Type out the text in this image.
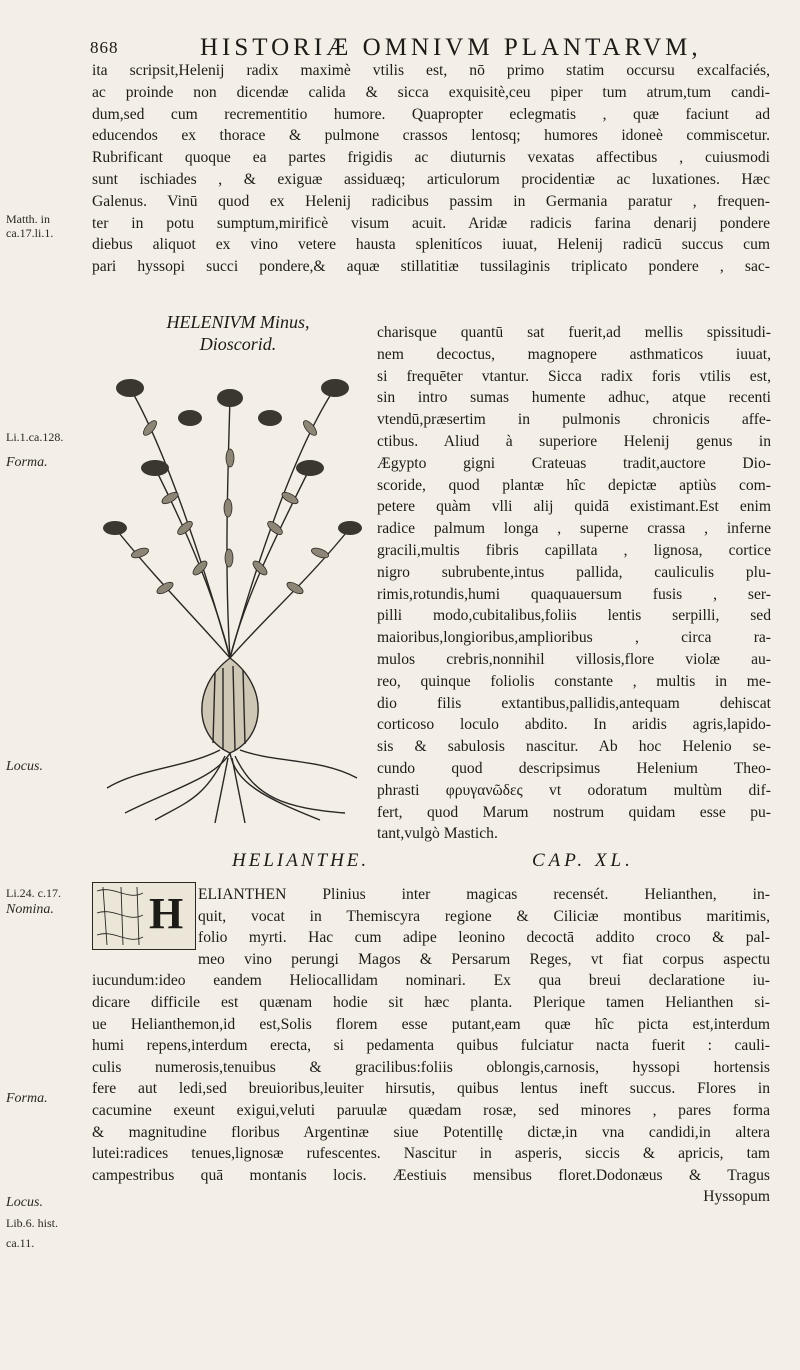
868	HISTORIÆ OMNIVM PLANTARVM,
Matth. in
ca.17.li.1.
Li.1.ca.128.
Forma.
Locus.
Li.24. c.17.
Nomina.
Forma.
Locus.
Lib.6. hist.
ca.11.
ita scripsit,Helenij radix maximè vtilis est, nō primo statim occursu excalfaciés,
ac proinde non dicendæ calida & sicca exquisitè,ceu piper tum atrum,tum candi-
dum,sed cum recrementitio humore. Quapropter eclegmatis , quæ faciunt ad
educendos ex thorace & pulmone crassos lentosq; humores idoneè commiscetur.
Rubrificant quoque ea partes frigidis ac diuturnis vexatas affectibus , cuiusmodi
sunt ischiades , & exiguæ assiduæq; articulorum procidentiæ ac luxationes. Hæc
Galenus. Vinū quod ex Helenij radicibus passim in Germania paratur , frequen-
ter in potu sumptum,mirificè visum acuit. Aridæ radicis farina denarij pondere
diebus aliquot ex vino vetere hausta splenitícos iuuat, Helenij radicū succus cum
pari hyssopi succi pondere,& aquæ stillatitiæ tussilaginis triplicato pondere , sac-
charisque quantū sat fuerit,ad mellis spissitudi-
nem decoctus, magnopere asthmaticos iuuat,
si frequēter vtantur. Sicca radix foris vtilis est,
sin intro sumas humente adhuc, atque recenti
vtendū,præsertim in pulmonis chronicis affe-
ctibus. Aliud à superiore Helenij genus in
Ægypto gigni Crateuas tradit,auctore Dio-
scoride, quod plantæ hîc depictæ aptiùs com-
petere quàm vlli alij quidā existimant.Est enim
radice palmum longa , superne crassa , inferne
gracili,multis fibris capillata , lignosa, cortice
nigro subrubente,intus pallida, cauliculis plu-
rimis,rotundis,humi quaquauersum fusis , ser-
pilli modo,cubitalibus,foliis lentis serpilli, sed
maioribus,longioribus,amplioribus , circa ra-
mulos crebris,nonnihil villosis,flore violæ au-
reo, quinque foliolis constante , multis in me-
dio filis extantibus,pallidis,antequam dehiscat
corticoso loculo abdito. In aridis agris,lapido-
sis & sabulosis nascitur. Ab hoc Helenio se-
cundo quod descripsimus Helenium Theo-
phrasti φρυγανῶδες vt odoratum multùm dif-
fert, quod Marum nostrum quidam esse pu-
tant,vulgò Mastich.
HELENIVM Minus,
Dioscorid.
HELIANTHE.	CAP. XL.
H ELIANTHEN Plinius inter magicas recensét. Helianthen, in-
quit, vocat in Themiscyra regione & Ciliciæ montibus maritimis,
folio myrti. Hac cum adipe leonino decoctā addito croco & pal-
meo vino perungi Magos & Persarum Reges, vt fiat corpus aspectu
iucundum:ideo eandem Heliocallidam nominari. Ex qua breui declaratione iu-
dicare difficile est quænam hodie sit hæc planta. Plerique tamen Helianthen si-
ue Helianthemon,id est,Solis florem esse putant,eam quæ hîc picta est,interdum
humi repens,interdum erecta, si pedamenta quibus fulciatur nacta fuerit : cauli-
culis numerosis,tenuibus & gracilibus:foliis oblongis,carnosis, hyssopi hortensis
fere aut ledi,sed breuioribus,leuiter hirsutis, quibus lentus ineft succus. Flores in
cacumine exeunt exigui,veluti paruulæ quædam rosæ, sed minores , pares forma
& magnitudine floribus Argentinæ siue Potentillę dictæ,in vna candidi,in altera
lutei:radices tenues,lignosæ rufescentes. Nascitur in asperis, siccis & apricis, tam
campestribus quā montanis locis. Æestiuis mensibus floret.Dodonæus & Tragus
Hyssopum
